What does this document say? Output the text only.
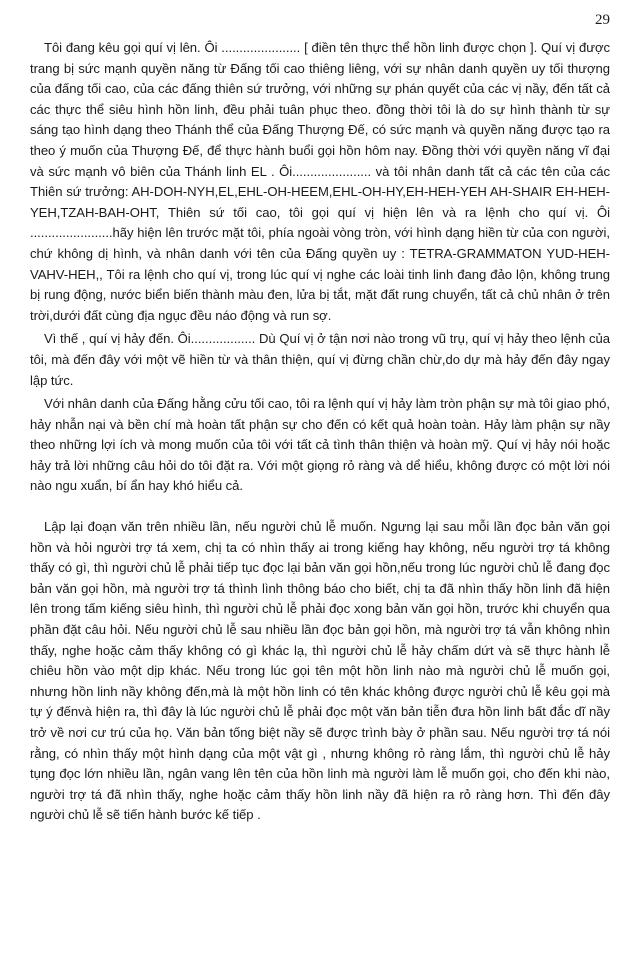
29

Tôi đang kêu gọi quí vị lên. Ôi ...................... [ điền tên thực thể hồn linh được chọn ]. Quí vị được trang bị sức mạnh quyền năng từ Đấng tối cao thiêng liêng, với sự nhân danh quyền uy tối thượng của đấng tối cao, của các đấng thiên sứ trưởng, với những sự phán quyết của các vị nầy, đến tất cả các thực thể siêu hình hồn linh, đều phải tuân phục theo. đồng thời tôi là do sự hình thành từ sự sáng tạo hình dạng theo Thánh thể của Đấng Thượng Đế, có sức mạnh và quyền năng được tạo ra theo ý muốn của Thượng Đế, để thực hành buổi gọi hồn hôm nay. Đồng thời với quyền năng vĩ đại và sức mạnh vô biên của Thánh linh EL . Ôi...................... và tôi nhân danh tất cả các tên của các Thiên sứ trưởng: AH-DOH-NYH,EL,EHL-OH-HEEM,EHL-OH-HY,EH-HEH-YEH AH-SHAIR EH-HEH-YEH,TZAH-BAH-OHT, Thiên sứ tối cao, tôi gọi quí vị hiện lên và ra lệnh cho quí vị. Ôi .......................hãy hiện lên trước mặt tôi, phía ngoài vòng tròn, với hình dạng hiền từ của con người, chứ không dị hình, và nhân danh với tên của Đấng quyền uy : TETRA-GRAMMATON YUD-HEH-VAHV-HEH,, Tôi ra lệnh cho quí vị, trong lúc quí vị nghe các loài tinh linh đang đảo lộn, không trung bị rung động, nước biển biến thành màu đen, lửa bị tắt, mặt đất rung chuyển, tất cả chủ nhân ở trên trời,dưới đất cùng địa ngục đều náo động và run sợ.

Vì thế , quí vị hảy đến. Ôi.................. Dù Quí vị ở tận nơi nào trong vũ trụ, quí vị hảy theo lệnh của tôi, mà đến đây với một vẽ hiền từ và thân thiện, quí vị đừng chần chừ,do dự mà hảy đến đây ngay lập tức.

Với nhân danh của Đấng hằng cửu tối cao, tôi ra lệnh quí vị hảy làm tròn phận sự mà tôi giao phó, hảy nhẫn nại và bền chí mà hoàn tất phận sự cho đến có kết quả hoàn toàn. Hảy làm phận sự nầy theo những lợi ích và mong muốn của tôi với tất cả tình thân thiện và hoàn mỹ. Quí vị hảy nói hoặc hảy trả lời những câu hỏi do tôi đặt ra. Với một giọng rỏ ràng và dể hiểu, không được có một lời nói nào ngu xuẩn, bí ẩn hay khó hiểu cả.

Lập lại đoạn văn trên nhiều lần, nếu người chủ lễ muốn. Ngưng lại sau mỗi lần đọc bản văn gọi hồn và hỏi người trợ tá xem, chị ta có nhìn thấy ai trong kiếng hay không, nếu người trợ tá không thấy có gì, thì người chủ lễ phải tiếp tục đọc lại bản văn gọi hồn,nếu trong lúc người chủ lễ đang đọc bản văn gọi hồn, mà người trợ tá thình lình thông báo cho biết, chị ta đã nhìn thấy hồn linh đã hiện lên trong tấm kiếng siêu hình, thì người chủ lễ phải đọc xong bản văn gọi hồn, trước khi chuyển qua phần đặt câu hỏi. Nếu người chủ lễ sau nhiều lần đọc bản gọi hồn, mà người trợ tá vẫn không nhìn thấy, nghe hoặc cảm thấy không có gì khác lạ, thì người chủ lễ hảy chấm dứt và sẽ thực hành lễ chiêu hồn vào một dịp khác. Nếu trong lúc gọi tên một hồn linh nào mà người chủ lễ muốn gọi, nhưng hồn linh nầy không đến,mà là một hồn linh có tên khác không được người chủ lễ kêu gọi mà tự ý đếnvà hiện ra, thì đây là lúc người chủ lễ phải đọc một văn bản tiễn đưa hồn linh bất đắc dĩ nầy trở về nơi cư trú của họ. Văn bản tống biệt nầy sẽ được trình bày ở phần sau. Nếu người trợ tá nói rằng, có nhìn thấy một hình dạng của một vật gì , nhưng không rỏ ràng lắm, thì người chủ lễ hảy tụng đọc lớn nhiều lần, ngân vang lên tên của hồn linh mà người làm lễ muốn gọi, cho đến khi nào, người trợ tá đã nhìn thấy, nghe hoặc cảm thấy hồn linh nầy đã hiện ra rỏ ràng hơn. Thì đến đây người chủ lễ sẽ tiến hành bước kế tiếp .
